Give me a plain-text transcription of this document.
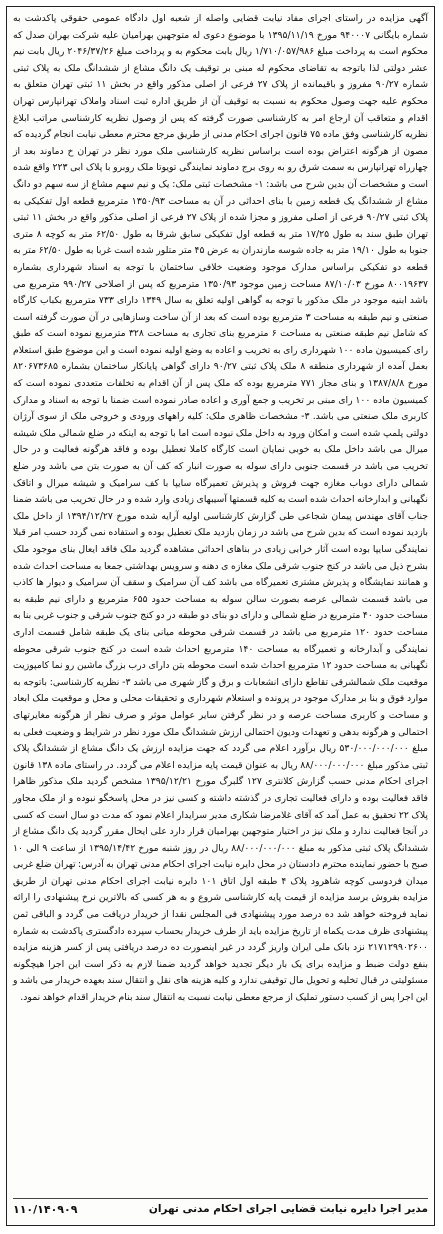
آگهی مزایده در راستای اجرای مفاد نیابت قضایی واصله از شعبه اول دادگاه عمومی حقوقی پاکدشت به شماره بایگانی ۹۴۰۰۰۷ مورخ ۱۳۹۵/۱۱/۱۹ با موضوع دعوی له متوجهین بهرامیان علیه شرکت بهران صدل که محکوم است به پرداخت مبلغ ۱/۷۱۰/۰۵۷/۹۸۶ ریال بابت محکوم به و پرداخت مبلغ ۲۰۴۶/۳۷/۲۶ ریال بابت نیم عشر دولتی لذا باتوجه به تقاضای محکوم له مبنی بر توقیف یک دانگ مشاع از ششدانگ ملک به پلاک ثبتی شماره ۹۰/۲۷ مفروز و باقیمانده از پلاک ۲۷ فرعی از اصلی مذکور واقع در بخش ۱۱ ثبتی تهران متعلق به محکوم علیه جهت وصول محکوم به نسبت به توقیف آن از طریق اداره ثبت اسناد واملاک تهرانپارس تهران اقدام و متعاقب آن ارجاع امر به کارشناسی صورت گرفته که پس از وصول نظریه کارشناسی مراتب ابلاغ نظریه کارشناسی وفق ماده ۷۵ قانون اجرای احکام مدنی از طریق مرجع محترم معطی نیابت انجام گردیده که مصون از هرگونه اعتراض بوده است براساس نظریه کارشناسی ملک مورد نظر در تهران خ دماوند بعد از چهارراه تهرانپارس به سمت شرق رو به روی برج دماوند نمایندگی تویوتا ملک روبرو با پلاک ابی ۲۲۳ واقع شده است و مشخصات آن بدین شرح می باشد: ۱- مشخصات ثبتی ملک: یک و نیم سهم مشاع از سه سهم دو دانگ مشاع از ششدانگ یک قطعه زمین با بنای احداثی در آن به مساحت ۱۳۵۰/۹۳ مترمربع قطعه اول تفکیکی به پلاک ثبتی ۹۰/۲۷ فرعی از اصلی مفروز و مجزا شده از پلاک ۲۷ فرعی از اصلی مذکور واقع در بخش ۱۱ ثبتی تهران طبق سند به طول ۱۷/۲۵ متر به قطعه اول تفکیکی سابق شرقا به طول ۶۲/۵۰ متر به کوچه ۸ متری جنوبا به طول ۱۹/۱۰ متر به جاده شوسه مازندران به عرض ۴۵ متر متلور شده است غربا به طول ۶۲/۵۰ متر به قطعه دو تفکیکی براساس مدارک موجود وضعیت خلافی ساختمان با توجه به اسناد شهرداری بشماره ۸۰۰۱۹۶۳۷ مورخ ۸۷/۱۰/۰۳ مساحت زمین موجود ۱۳۵۰/۹۳ مترمربع که پس از اصلاحی ۹۹۰/۲۷ مترمربع می باشد ابنیه موجود در ملک مذکور با توجه به گواهی اولیه تعلق به سال ۱۳۴۹ دارای ۷۳۳ مترمربع بکباب کارگاه صنعتی و نیم طبقه به مساحت ۳ مترمربع بوده است که بعد از آن ساخت وسازهایی در آن صورت گرفته است که شامل نیم طبقه صنعتی به مساحت ۶ مترمربع بنای تجاری به مساحت ۳۲۸ مترمربع نموده است که طبق رای کمیسیون ماده ۱۰۰ شهرداری رای به تخریب و اعاده به وضع اولیه نموده است و این موضوع طبق استعلام بعمل آمده از شهرداری منطقه ۸ ملک پلاک ثبتی ۹۰/۲۷ دارای گواهی پایانکار ساختمان بشماره ۸۲۰۶۷۳۶۸۵ مورخ ۱۳۸۷/۸/۸ و بنای مجاز ۷۷۱ مترمربع بوده که ملک پس از آن اقدام به تخلفات متعددی نموده است که کمیسیون ماده ۱۰۰ رای مبنی بر تخریب و جمع آوری و اعاده صادر نموده است ضمنا با توجه به اسناد و مدارک کاربری ملک صنعتی می باشد. ۳- مشخصات ظاهری ملک: کلیه راههای ورودی و خروجی ملک از سوی آرژان دولتی پلمپ شده است و امکان ورود به داخل ملک نبوده است اما با توجه به اینکه در ضلع شمالی ملک شیشه میرال می باشد داخل ملک به خوبی نمایان است کارگاه کاملا تعطیل بوده و فاقد هرگونه فعالیت و در حال تخریب می باشد در قسمت جنوبی دارای سوله به صورت انبار که کف آن به صورت بتن می باشد ودر ضلع شمالی دارای دوباب مغازه جهت فروش و پذیرش تعمیرگاه سایپا با کف سرامیک و شیشه میرال و اتاقک نگهبانی و ابدارخانه احداث شده است به کلیه قسمتها آسیبهای زیادی وارد شده و در حال تخریب می باشد ضمنا جناب آقای مهندس پیمان شجاعی طی گزارش کارشناسی اولیه آرایه شده مورخ ۱۳۹۴/۱۲/۲۷ از داخل ملک بازدید نموده است که بدین شرح می باشد در زمان بازدید ملک تعطیل بوده و استفاده نمی گردد حسب امر قبلا نمایندگی سایپا بوده است آثار خرابی زیادی در بناهای احداثی مشاهده گردید ملک فاقد ایعال بنای موجود ملک بشرح ذیل می باشد در کنج جنوب شرقی ملک مغازه ی دهنه و سرویس بهداشتی جمعا به مساحت احداث شده و همانند نمایشگاه و پذیرش مشتری تعمیرگاه می باشد کف آن سرامیک و سقف آن سرامیک و دیوار ها کاذب می باشد قسمت شمالی عرصه بصورت سالن سوله به مساحت حدود ۶۵۵ مترمربع و دارای نیم طبقه به مساحت حدود ۴۰ مترمربع در ضلع شمالی و دارای دو بنای دو طبقه در دو کنج جنوب شرقی و جنوب غربی بنا به مساحت حدود ۱۲۰ مترمربع می باشد در قسمت شرقی محوطه میانی بنای یک طبقه شامل قسمت اداری نمایندگی و آبدارخانه و تعمیرگاه به مساحت ۱۴۰ مترمربع احداث شده است در کنج جنوب شرقی محوطه نگهبانی به مساحت حدود ۱۲ مترمربع احداث شده است محوطه بتن دارای درب بزرگ ماشین رو نما کامپوزیت موقعیت ملک شمالشرقی تقاطع دارای انشعابات و برق و گاز شهری می باشد ۳- نظریه کارشناسی: باتوجه به موارد فوق و بنا بر مدارک موجود در پرونده و استعلام شهرداری و تحقیقات محلی و محل و موقعیت ملک ابعاد و مساحت و کاربری مساحت عرصه و در نظر گرفتن سایر عوامل موثر و صرف نظر از هرگونه مغایرتهای احتمالی و هرگونه بدهی و تعهدات ودیون احتمالی ارزش ششدانگ ملک مورد نظر در شرایط و وضعیت فعلی به مبلغ ۵۳۰/۰۰۰/۰۰۰/۰۰۰ ریال برآورد اعلام می گردد که جهت مزایده ارزش یک دانگ مشاع از ششدانگ پلاک ثبتی مذکور مبلغ ۸۸/۰۰۰/۰۰۰/۰۰۰ ریال به عنوان قیمت پایه مزایده اعلام می گردد. در راستای ماده ۱۳۸ قانون اجرای احکام مدنی حسب گزارش کلانتری ۱۲۷ گلبرگ مورخ ۱۳۹۵/۱۲/۲۱ مشخص گردید ملک مذکور ظاهرا فاقد فعالیت بوده و دارای فعالیت تجاری در گذشته داشته و کسی نیز در محل پاسخگو نبوده و از ملک مجاور پلاک ۲۲ تحقیق به عمل آمد که آقای غلامرضا شکاری مدیر سرایدار اعلام نمود که مدت دو سال است که کسی در آنجا فعالیت ندارد و ملک نیز در اختیار متوجهین بهرامیان قرار دارد علی ایحال مقرر گردید یک دانگ مشاع از ششدانگ پلاک ثبتی مذکور به مبلغ ۸۸/۰۰۰/۰۰۰/۰۰۰ ریال در روز شنبه مورخ ۱۳۹۵/۱۴/۴۲ از ساعت ۹ الی ۱۰ صبح با حضور نماینده محترم دادستان در محل دایره نیابت اجرای احکام مدنی تهران به آدرس: تهران ضلع غربی میدان فردوسی کوچه شاهرود پلاک ۴ طبقه اول اتاق ۱۰۱ دایره نیابت اجرای احکام مدنی تهران از طریق مزایده بفروش برسد مزایده از قیمت پایه کارشناسی شروع و به هر کسی که بالاترین نرخ پیشنهادی را ارائه نماید فروخته خواهد شد ده درصد مورد پیشنهادی فی المجلس نقدا از خریدار دریافت می گردد و الباقی ثمن پیشنهادی ظرف مدت یکماه از تاریخ مزایده باید از طرف خریدار بحساب سپرده دادگستری پاکدشت به شماره ۲۱۷۱۲۹۹۰۲۶۰۰ نزد بانک ملی ایران واریز گردد در غیر اینصورت ده درصد دریافتی پس از کسر هزینه مزایده بنفع دولت ضبط و مزایده برای یک بار دیگر تجدید خواهد گردید ضمنا لازم به ذکر است این اجرا هیچگونه مسئولیتی در قبال تخلیه و تحویل مال توقیفی ندارد و کلیه هزینه های نقل و انتقال سند بعهده خریدار می باشد و این اجرا پس از کسب دستور تملیک از مرجع معطی نیابت نسبت به انتقال سند بنام خریدار اقدام خواهد نمود.

مدیر اجرا دایره نیابت قضایی اجرای احکام مدنی تهران
۱۱۰/۱۴۰۹۰۹
